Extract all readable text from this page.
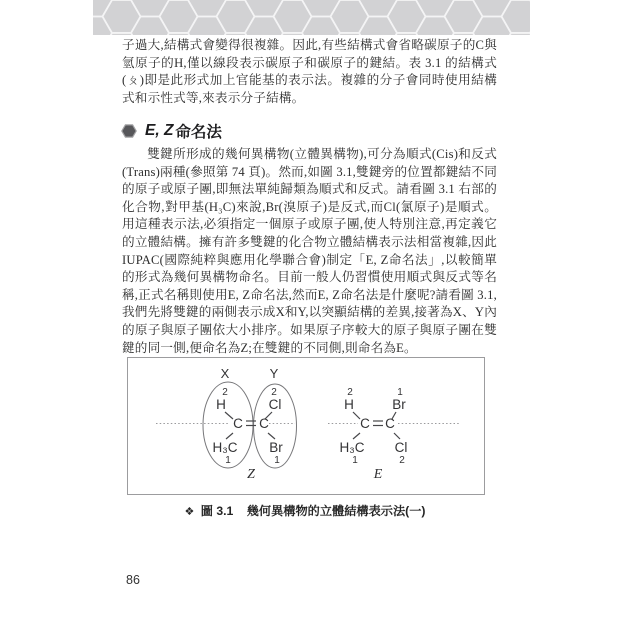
子過大,結構式會變得很複雜。因此,有些結構式會省略碳原子的C與氫原子的H,僅以線段表示碳原子和碳原子的鍵結。表 3.1 的結構式(ㄆ)即是此形式加上官能基的表示法。複雜的分子會同時使用結構式和示性式等,來表示分子結構。

E, Z 命名法

雙鍵所形成的幾何異構物(立體異構物),可分為順式(Cis)和反式(Trans)兩種(參照第 74 頁)。然而,如圖 3.1,雙鍵旁的位置都鍵結不同的原子或原子團,即無法單純歸類為順式和反式。請看圖 3.1 右部的化合物,對甲基(H₃C)來說,Br(溴原子)是反式,而Cl(氯原子)是順式。用這種表示法,必須指定一個原子或原子團,使人特別注意,再定義它的立體結構。擁有許多雙鍵的化合物立體結構表示法相當複雜,因此 IUPAC(國際純粹與應用化學聯合會)制定「E, Z命名法」,以較簡單的形式為幾何異構物命名。目前一般人仍習慣使用順式與反式等名稱,正式名稱則使用E, Z命名法,然而E, Z命名法是什麼呢?請看圖 3.1,我們先將雙鍵的兩側表示成X和Y,以突顯結構的差異,接著為X、Y內的原子與原子團依大小排序。如果原子序較大的原子與原子團在雙鍵的同一側,便命名為Z;在雙鍵的不同側,則命名為E。

X	Y
2
H
2
Cl
C C
H₃C
1
Br
1
Z
2
H
1
Br
C C
H₃C
1
Cl
2
E
❖ 圖 3.1 幾何異構物的立體結構表示法(一)
86
